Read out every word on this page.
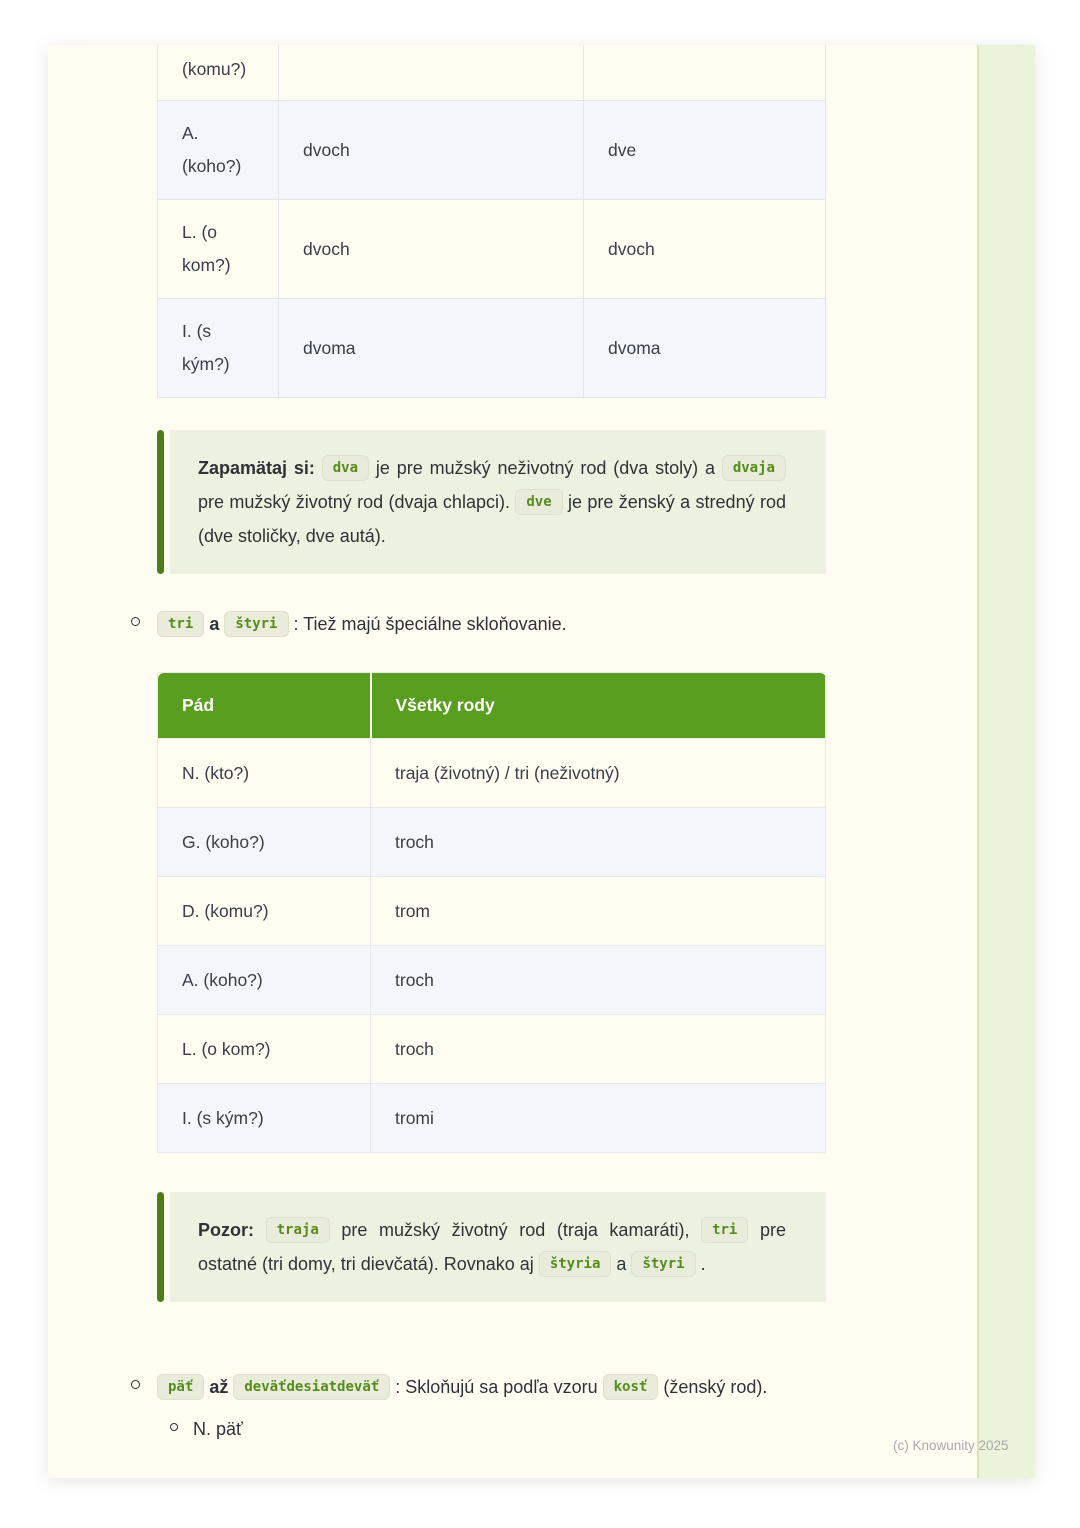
(komu?)		
A. (koho?)	dvoch	dve
L. (o kom?)	dvoch	dvoch
I. (s kým?)	dvoma	dvoma
Zapamätaj si: dva je pre mužský neživotný rod (dva stoly) a dvaja pre mužský životný rod (dvaja chlapci). dve je pre ženský a stredný rod (dve stoličky, dve autá).
tri a štyri : Tiež majú špeciálne skloňovanie.
Pád	Všetky rody
N. (kto?)	traja (životný) / tri (neživotný)
G. (koho?)	troch
D. (komu?)	trom
A. (koho?)	troch
L. (o kom?)	troch
I. (s kým?)	tromi
Pozor: traja pre mužský životný rod (traja kamaráti), tri pre ostatné (tri domy, tri dievčatá). Rovnako aj štyria a štyri .
päť až deväťdesiatdeväť : Skloňujú sa podľa vzoru kosť (ženský rod).
N. päť
(c) Knowunity 2025
